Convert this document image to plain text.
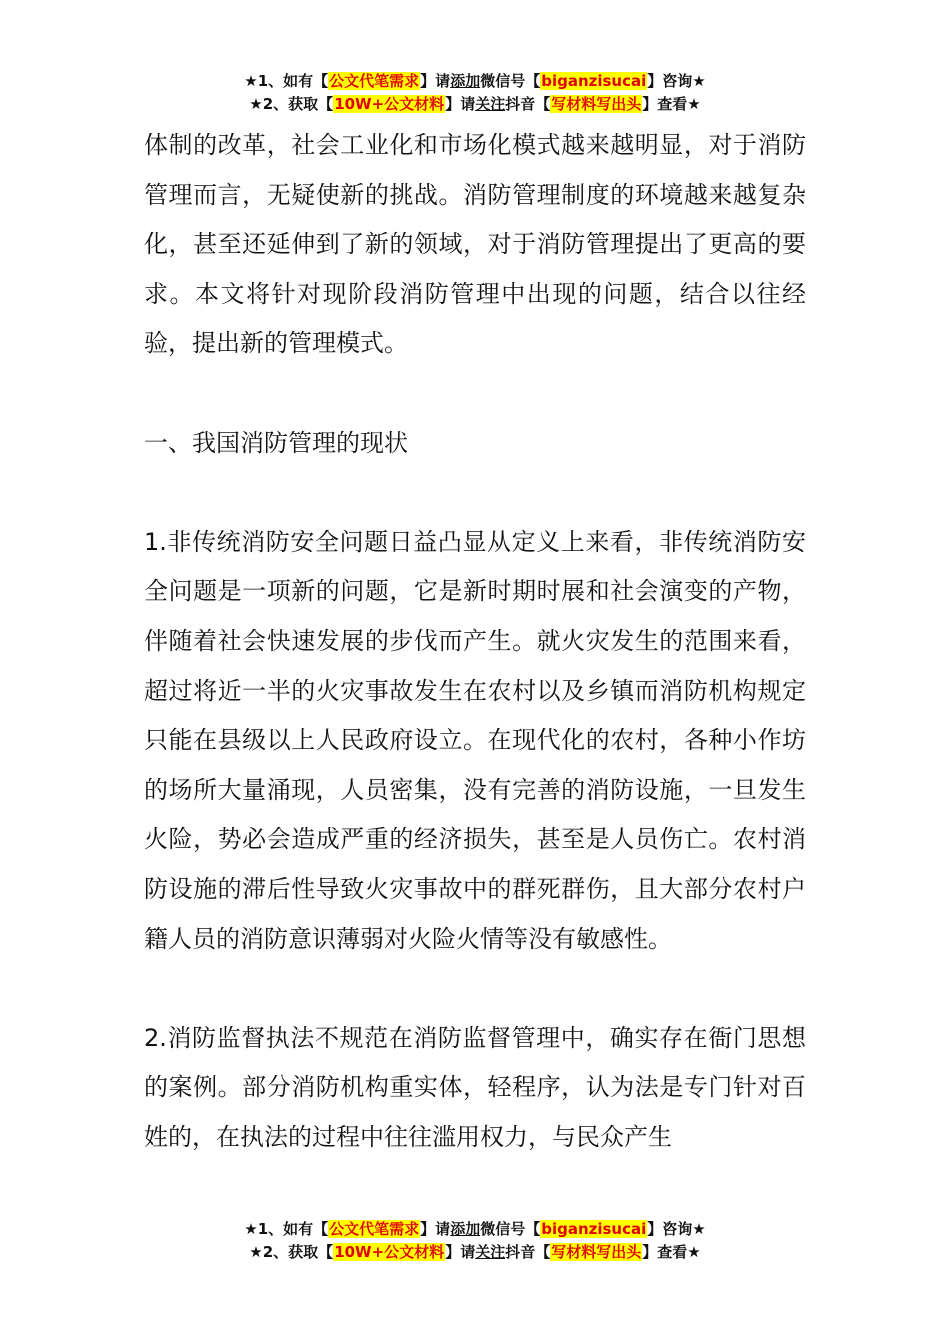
★1、如有【公文代笔需求】请添加微信号【biganzisucai】咨询★
★2、获取【10W+公文材料】请关注抖音【写材料写出头】查看★

体制的改革，社会工业化和市场化模式越来越明显，对于消防管理而言，无疑使新的挑战。消防管理制度的环境越来越复杂化，甚至还延伸到了新的领域，对于消防管理提出了更高的要求。本文将针对现阶段消防管理中出现的问题，结合以往经验，提出新的管理模式。

一、我国消防管理的现状

1.非传统消防安全问题日益凸显从定义上来看，非传统消防安全问题是一项新的问题，它是新时期时展和社会演变的产物，伴随着社会快速发展的步伐而产生。就火灾发生的范围来看，超过将近一半的火灾事故发生在农村以及乡镇而消防机构规定只能在县级以上人民政府设立。在现代化的农村，各种小作坊的场所大量涌现，人员密集，没有完善的消防设施，一旦发生火险，势必会造成严重的经济损失，甚至是人员伤亡。农村消防设施的滞后性导致火灾事故中的群死群伤，且大部分农村户籍人员的消防意识薄弱对火险火情等没有敏感性。

2.消防监督执法不规范在消防监督管理中，确实存在衙门思想的案例。部分消防机构重实体，轻程序，认为法是专门针对百姓的，在执法的过程中往往滥用权力，与民众产生

★1、如有【公文代笔需求】请添加微信号【biganzisucai】咨询★
★2、获取【10W+公文材料】请关注抖音【写材料写出头】查看★
